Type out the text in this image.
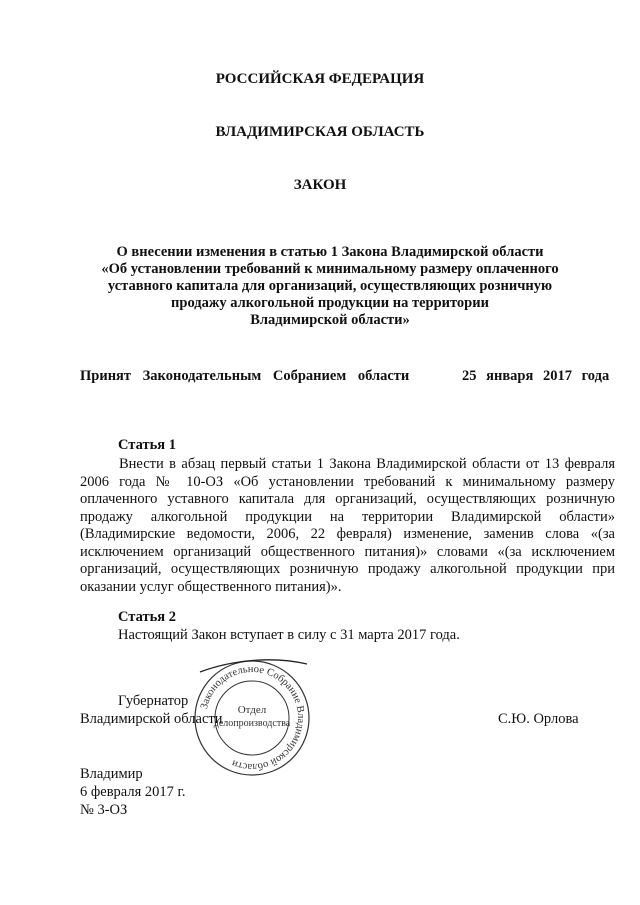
РОССИЙСКАЯ ФЕДЕРАЦИЯ
ВЛАДИМИРСКАЯ ОБЛАСТЬ
ЗАКОН
О внесении изменения в статью 1 Закона Владимирской области
«Об установлении требований к минимальному размеру оплаченного
уставного капитала для организаций, осуществляющих розничную
продажу алкогольной продукции на территории
Владимирской области»
Принят Законодательным Собранием области	25 января 2017 года
Статья 1
Внести в абзац первый статьи 1 Закона Владимирской области от 13 февраля 2006 года № 10-ОЗ «Об установлении требований к минимальному размеру оплаченного уставного капитала для организаций, осуществляющих розничную продажу алкогольной продукции на территории Владимирской области» (Владимирские ведомости, 2006, 22 февраля) изменение, заменив слова «(за исключением организаций общественного питания)» словами «(за исключением организаций, осуществляющих розничную продажу алкогольной продукции при оказании услуг общественного питания)».
Статья 2
Настоящий Закон вступает в силу с 31 марта 2017 года.
Законодательное Собрание Владимирской области
Отдел
делопроизводства
Губернатор
Владимирской области	С.Ю. Орлова
Владимир
6 февраля 2017 г.
№ 3-ОЗ
